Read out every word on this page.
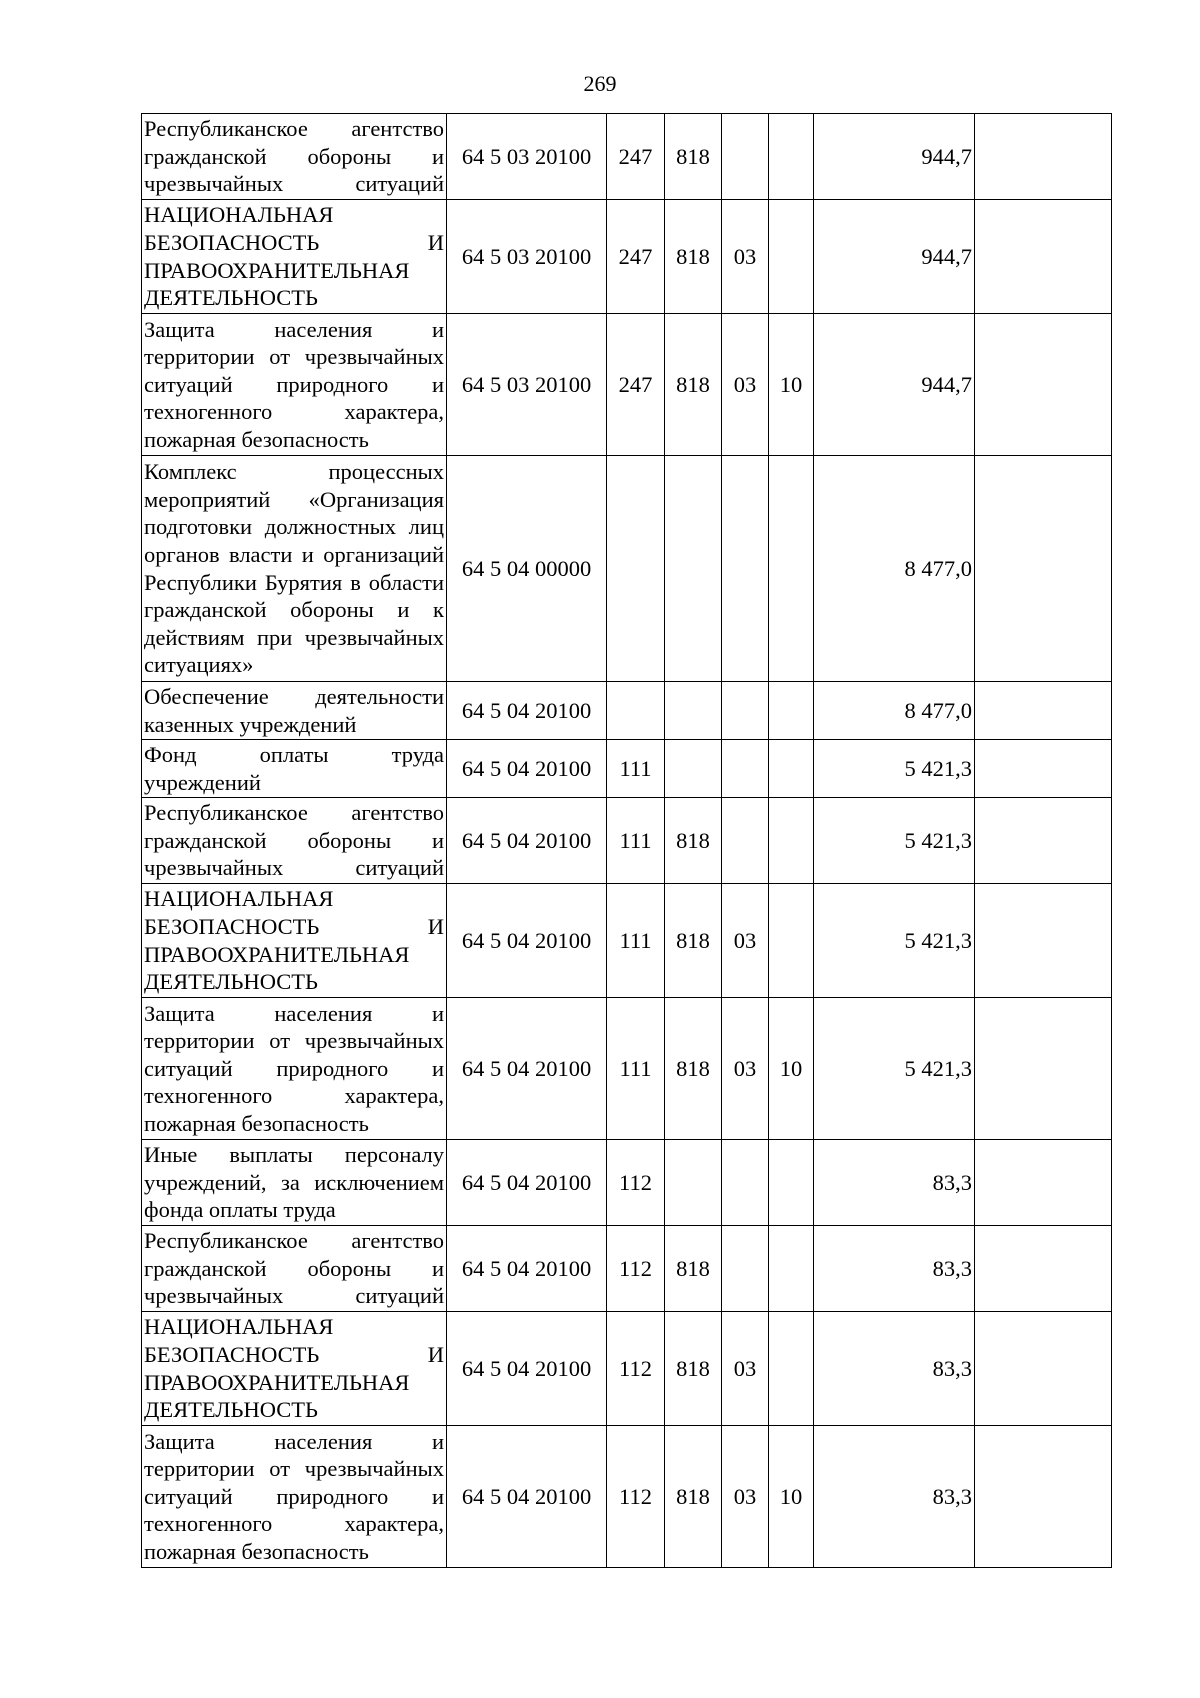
269
Республиканское агентство гражданской обороны и чрезвычайных ситуаций	64 5 03 20100	247	818			944,7	
НАЦИОНАЛЬНАЯ БЕЗОПАСНОСТЬ И ПРАВООХРАНИТЕЛЬНАЯ ДЕЯТЕЛЬНОСТЬ	64 5 03 20100	247	818	03		944,7	
Защита населения и территории от чрезвычайных ситуаций природного и техногенного характера, пожарная безопасность	64 5 03 20100	247	818	03	10	944,7	
Комплекс процессных мероприятий «Организация подготовки должностных лиц органов власти и организаций Республики Бурятия в области гражданской обороны и к действиям при чрезвычайных ситуациях»	64 5 04 00000					8 477,0	
Обеспечение деятельности казенных учреждений	64 5 04 20100					8 477,0	
Фонд оплаты труда учреждений	64 5 04 20100	111				5 421,3	
Республиканское агентство гражданской обороны и чрезвычайных ситуаций	64 5 04 20100	111	818			5 421,3	
НАЦИОНАЛЬНАЯ БЕЗОПАСНОСТЬ И ПРАВООХРАНИТЕЛЬНАЯ ДЕЯТЕЛЬНОСТЬ	64 5 04 20100	111	818	03		5 421,3	
Защита населения и территории от чрезвычайных ситуаций природного и техногенного характера, пожарная безопасность	64 5 04 20100	111	818	03	10	5 421,3	
Иные выплаты персоналу учреждений, за исключением фонда оплаты труда	64 5 04 20100	112				83,3	
Республиканское агентство гражданской обороны и чрезвычайных ситуаций	64 5 04 20100	112	818			83,3	
НАЦИОНАЛЬНАЯ БЕЗОПАСНОСТЬ И ПРАВООХРАНИТЕЛЬНАЯ ДЕЯТЕЛЬНОСТЬ	64 5 04 20100	112	818	03		83,3	
Защита населения и территории от чрезвычайных ситуаций природного и техногенного характера, пожарная безопасность	64 5 04 20100	112	818	03	10	83,3	
